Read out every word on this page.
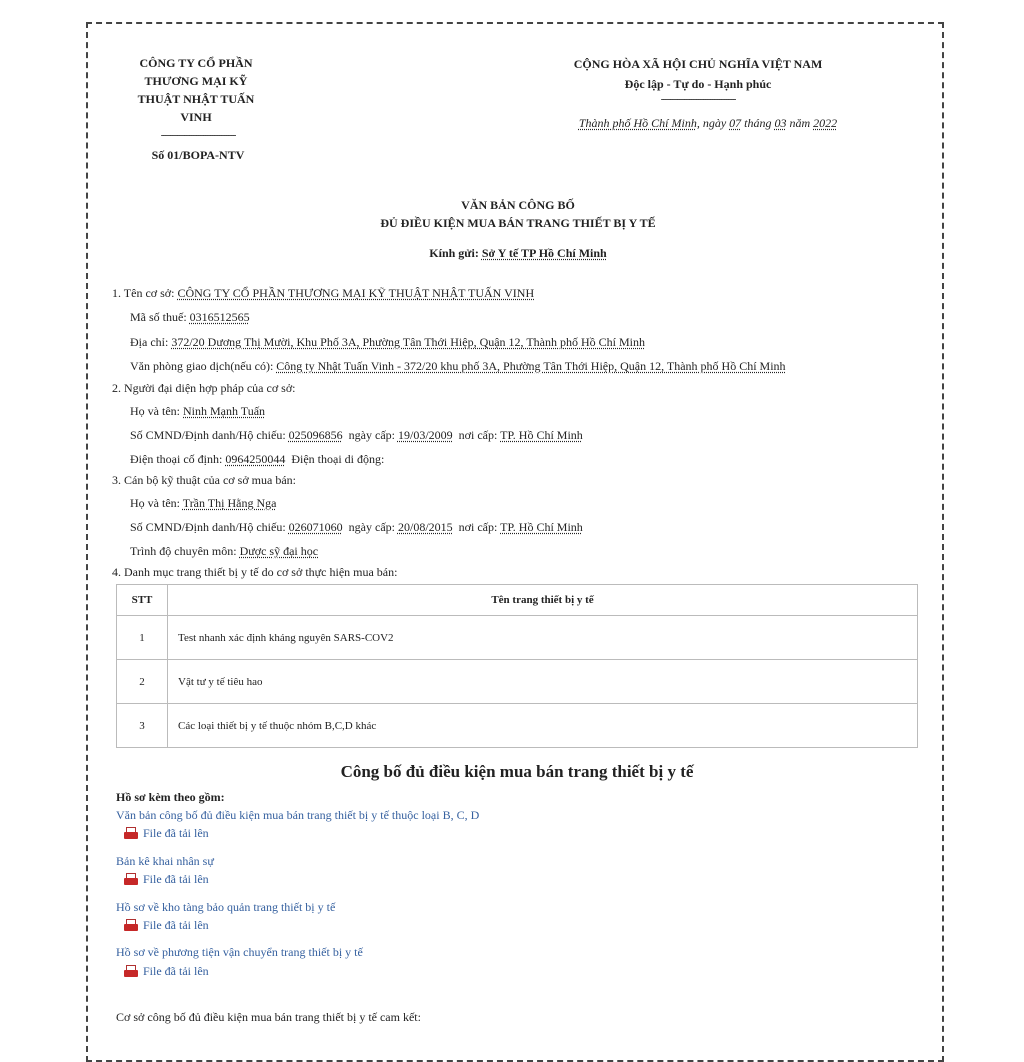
CÔNG TY CỔ PHẦN
THƯƠNG MẠI KỸ
THUẬT NHẬT TUẤN
VINH
--------------------------------
Số 01/BOPA-NTV
CỘNG HÒA XÃ HỘI CHỦ NGHĨA VIỆT NAM
Độc lập - Tự do - Hạnh phúc
--------------------------------
Thành phố Hồ Chí Minh, ngày 07 tháng 03 năm 2022
VĂN BẢN CÔNG BỐ
ĐỦ ĐIỀU KIỆN MUA BÁN TRANG THIẾT BỊ Y TẾ
Kính gửi: Sở Y tế TP Hồ Chí Minh
1. Tên cơ sở: CÔNG TY CỔ PHẦN THƯƠNG MẠI KỸ THUẬT NHẬT TUẤN VINH
Mã số thuế: 0316512565
Địa chỉ: 372/20 Dương Thị Mười, Khu Phố 3A, Phường Tân Thới Hiệp, Quận 12, Thành phố Hồ Chí Minh
Văn phòng giao dịch(nếu có): Công ty Nhật Tuấn Vinh - 372/20 khu phố 3A, Phường Tân Thới Hiệp, Quận 12, Thành phố Hồ Chí Minh
2. Người đại diện hợp pháp của cơ sở:
Họ và tên: Ninh Mạnh Tuấn
Số CMND/Định danh/Hộ chiếu: 025096856  ngày cấp: 19/03/2009  nơi cấp: TP. Hồ Chí Minh
Điện thoại cố định: 0964250044  Điện thoại di động:
3. Cán bộ kỹ thuật của cơ sở mua bán:
Họ và tên: Trần Thị Hằng Nga
Số CMND/Định danh/Hộ chiếu: 026071060  ngày cấp: 20/08/2015  nơi cấp: TP. Hồ Chí Minh
Trình độ chuyên môn: Dược sỹ đại học
4. Danh mục trang thiết bị y tế do cơ sở thực hiện mua bán:
STT	Tên trang thiết bị y tế
1	Test nhanh xác định kháng nguyên SARS-COV2
2	Vật tư y tế tiêu hao
3	Các loại thiết bị y tế thuộc nhóm B,C,D khác
Công bố đủ điều kiện mua bán trang thiết bị y tế
Hồ sơ kèm theo gồm:
Văn bản công bố đủ điều kiện mua bán trang thiết bị y tế thuộc loại B, C, D
File đã tải lên
Bản kê khai nhân sự
File đã tải lên
Hồ sơ về kho tàng bảo quản trang thiết bị y tế
File đã tải lên
Hồ sơ về phương tiện vận chuyển trang thiết bị y tế
File đã tải lên
Cơ sở công bố đủ điều kiện mua bán trang thiết bị y tế cam kết:
